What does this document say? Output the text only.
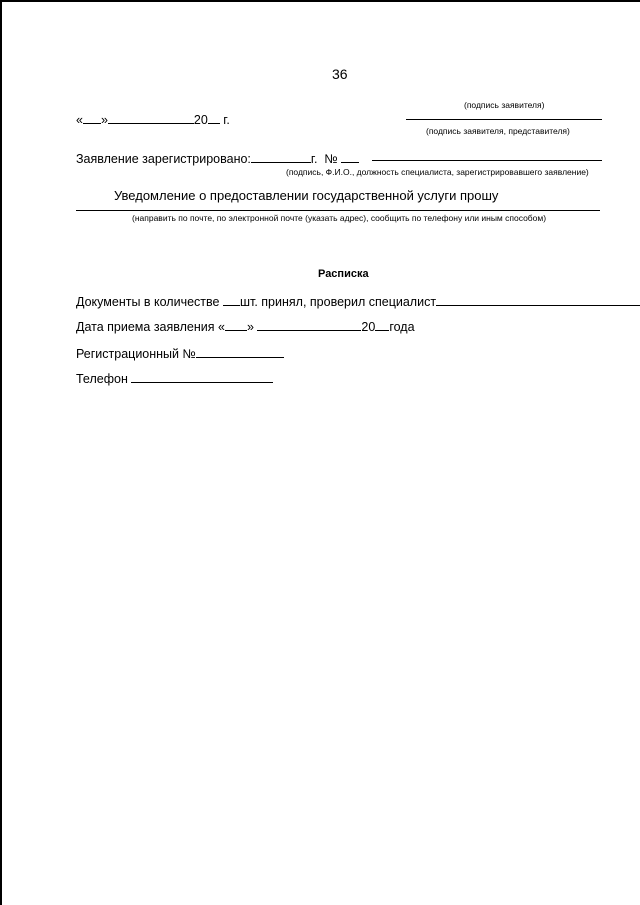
36
(подпись заявителя)
(подпись заявителя, представителя)
« »	20 г.
Заявление зарегистрировано:	г. №
(подпись, Ф.И.О., должность специалиста, зарегистрировавшего заявление)
Уведомление о предоставлении государственной услуги прошу
(направить по почте, по электронной почте (указать адрес), сообщить по телефону или иным способом)
Расписка
Документы в количестве шт. принял, проверил специалист
Дата приема заявления « »	20 года
Регистрационный №
Телефон
